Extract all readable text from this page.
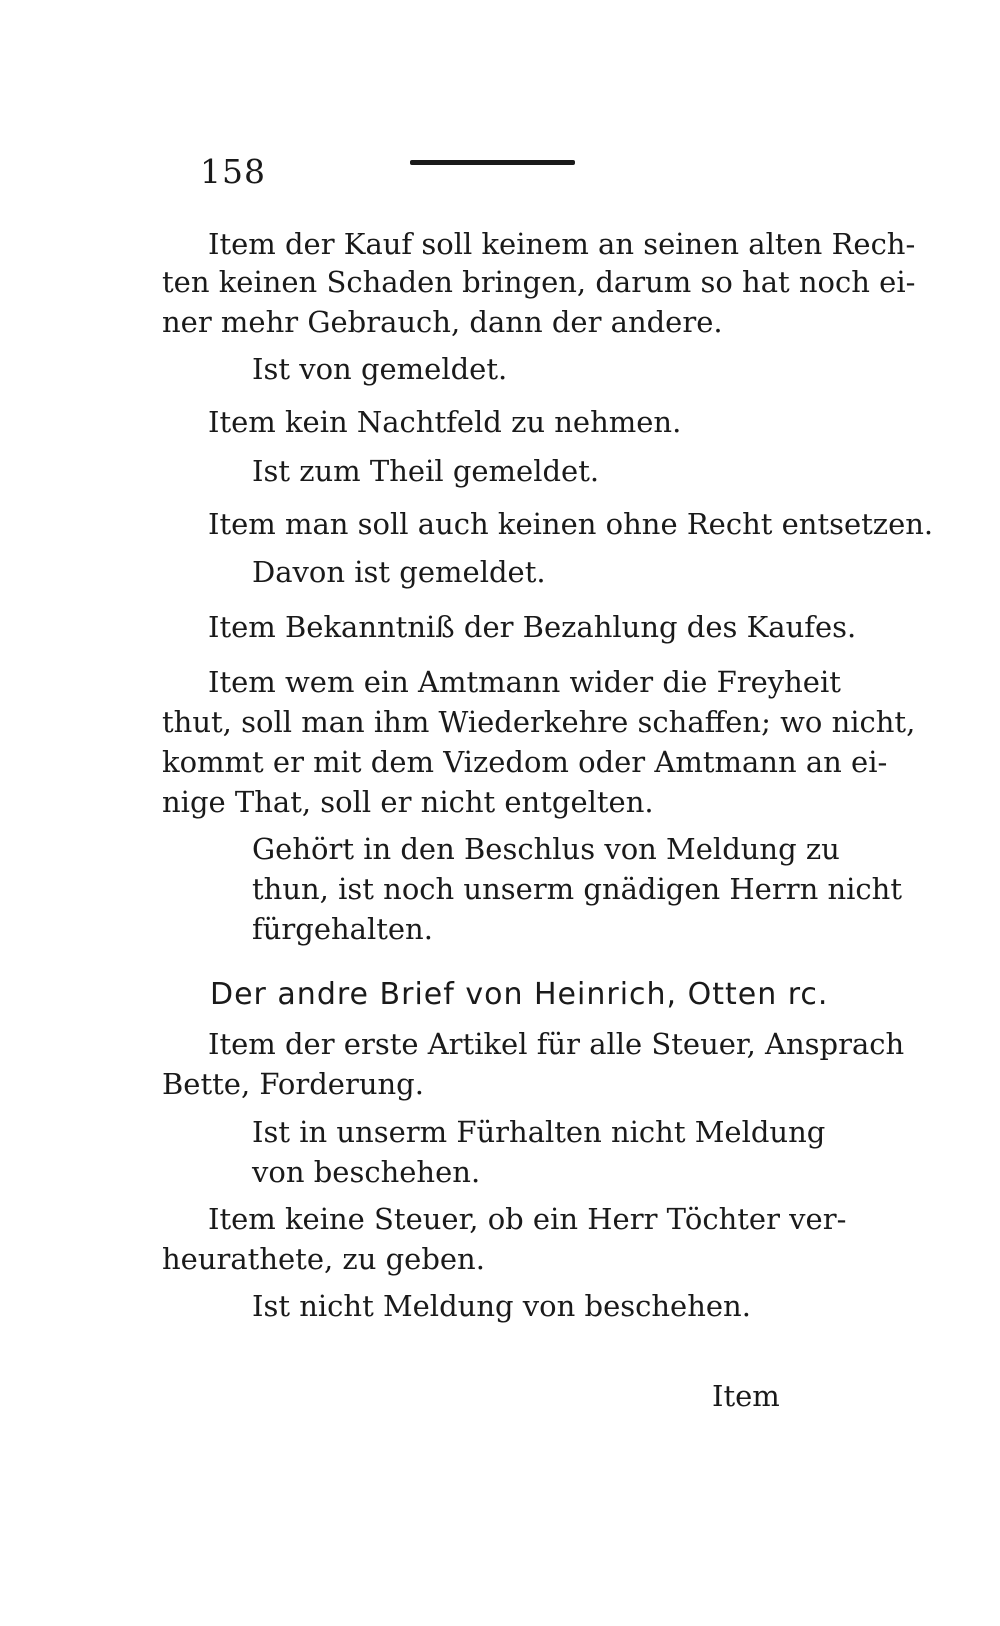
158
Item der Kauf soll keinem an seinen alten Rech-
ten keinen Schaden bringen, darum so hat noch ei-
ner mehr Gebrauch, dann der andere.
Ist von gemeldet.
Item kein Nachtfeld zu nehmen.
Ist zum Theil gemeldet.
Item man soll auch keinen ohne Recht entsetzen.
Davon ist gemeldet.
Item Bekanntniß der Bezahlung des Kaufes.
Item wem ein Amtmann wider die Freyheit
thut, soll man ihm Wiederkehre schaffen; wo nicht,
kommt er mit dem Vizedom oder Amtmann an ei-
nige That, soll er nicht entgelten.
Gehört in den Beschlus von Meldung zu
thun, ist noch unserm gnädigen Herrn nicht
fürgehalten.
Der andre Brief von Heinrich, Otten rc.
Item der erste Artikel für alle Steuer, Ansprach
Bette, Forderung.
Ist in unserm Fürhalten nicht Meldung
von beschehen.
Item keine Steuer, ob ein Herr Töchter ver-
heurathete, zu geben.
Ist nicht Meldung von beschehen.
Item
